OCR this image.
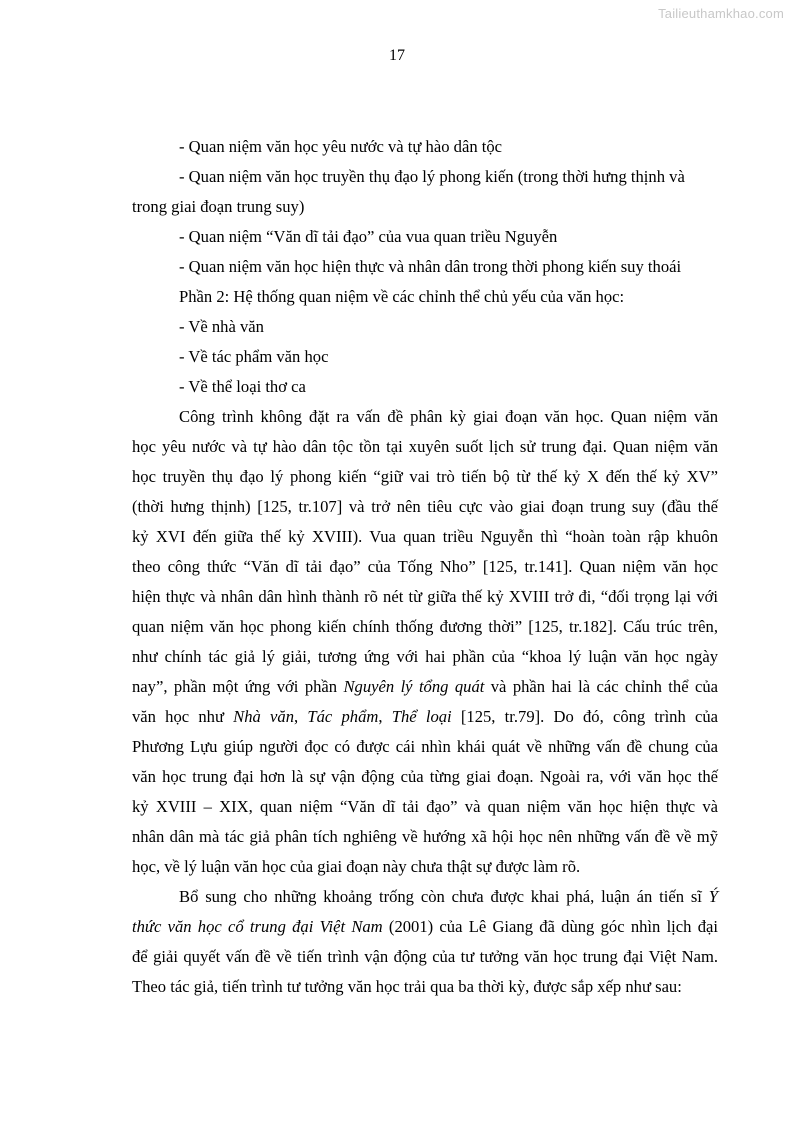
Tailieuthamkhao.com
17
- Quan niệm văn học yêu nước và tự hào dân tộc
- Quan niệm văn học truyền thụ đạo lý phong kiến (trong thời hưng thịnh và
trong giai đoạn trung suy)
- Quan niệm “Văn dĩ tải đạo” của vua quan triều Nguyễn
- Quan niệm văn học hiện thực và nhân dân trong thời phong kiến suy thoái
Phần 2: Hệ thống quan niệm về các chỉnh thể chủ yếu của văn học:
- Về nhà văn
- Về tác phẩm văn học
- Về thể loại thơ ca
Công trình không đặt ra vấn đề phân kỳ giai đoạn văn học. Quan niệm văn
học yêu nước và tự hào dân tộc tồn tại xuyên suốt lịch sử trung đại. Quan niệm văn
học truyền thụ đạo lý phong kiến “giữ vai trò tiến bộ từ thế kỷ X đến thế kỷ XV”
(thời hưng thịnh) [125, tr.107] và trở nên tiêu cực vào giai đoạn trung suy (đầu thế
kỷ XVI đến giữa thế kỷ XVIII). Vua quan triều Nguyễn thì “hoàn toàn rập khuôn
theo công thức “Văn dĩ tải đạo” của Tống Nho” [125, tr.141]. Quan niệm văn học
hiện thực và nhân dân hình thành rõ nét từ giữa thế kỷ XVIII trở đi, “đối trọng lại với
quan niệm văn học phong kiến chính thống đương thời” [125, tr.182]. Cấu trúc trên,
như chính tác giả lý giải, tương ứng với hai phần của “khoa lý luận văn học ngày
nay”, phần một ứng với phần Nguyên lý tổng quát và phần hai là các chỉnh thể của
văn học như Nhà văn, Tác phẩm, Thể loại [125, tr.79]. Do đó, công trình của
Phương Lựu giúp người đọc có được cái nhìn khái quát về những vấn đề chung của
văn học trung đại hơn là sự vận động của từng giai đoạn. Ngoài ra, với văn học thế
kỷ XVIII – XIX, quan niệm “Văn dĩ tải đạo” và quan niệm văn học hiện thực và
nhân dân mà tác giả phân tích nghiêng về hướng xã hội học nên những vấn đề về mỹ
học, về lý luận văn học của giai đoạn này chưa thật sự được làm rõ.
Bổ sung cho những khoảng trống còn chưa được khai phá, luận án tiến sĩ Ý
thức văn học cổ trung đại Việt Nam (2001) của Lê Giang đã dùng góc nhìn lịch đại
để giải quyết vấn đề về tiến trình vận động của tư tưởng văn học trung đại Việt Nam.
Theo tác giả, tiến trình tư tưởng văn học trải qua ba thời kỳ, được sắp xếp như sau:
